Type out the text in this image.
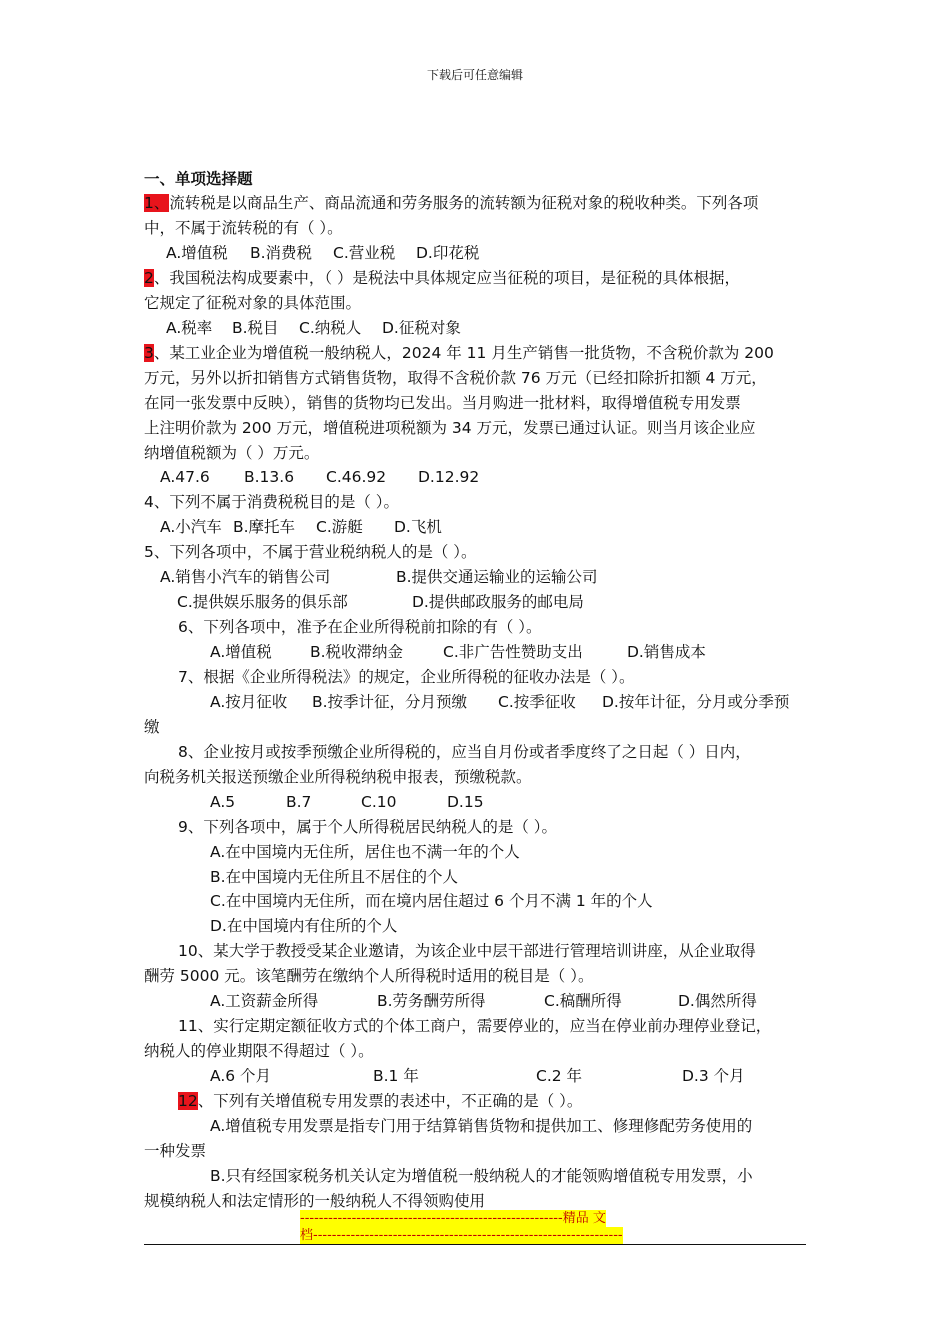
下载后可任意编辑
一、单项选择题
1、流转税是以商品生产、商品流通和劳务服务的流转额为征税对象的税收种类。下列各项
中，不属于流转税的有（ ）。
2、我国税法构成要素中，（ ）是税法中具体规定应当征税的项目，是征税的具体根据，
它规定了征税对象的具体范围。
3、某工业企业为增值税一般纳税人，2024 年 11 月生产销售一批货物，不含税价款为 200
万元，另外以折扣销售方式销售货物，取得不含税价款 76 万元（已经扣除折扣额 4 万元，
在同一张发票中反映），销售的货物均已发出。当月购进一批材料，取得增值税专用发票
上注明价款为 200 万元，增值税进项税额为 34 万元，发票已通过认证。则当月该企业应
纳增值税额为（ ）万元。
4、下列不属于消费税税目的是（ ）。
5、下列各项中，不属于营业税纳税人的是（ ）。
6、下列各项中，准予在企业所得税前扣除的有（ ）。
7、根据《企业所得税法》的规定，企业所得税的征收办法是（ ）。
缴
8、企业按月或按季预缴企业所得税的，应当自月份或者季度终了之日起（ ）日内，
向税务机关报送预缴企业所得税纳税申报表，预缴税款。
9、下列各项中，属于个人所得税居民纳税人的是（ ）。
A.在中国境内无住所，居住也不满一年的个人
B.在中国境内无住所且不居住的个人
C.在中国境内无住所，而在境内居住超过 6 个月不满 1 年的个人
D.在中国境内有住所的个人
10、某大学于教授受某企业邀请，为该企业中层干部进行管理培训讲座，从企业取得
酬劳 5000 元。该笔酬劳在缴纳个人所得税时适用的税目是（ ）。
11、实行定期定额征收方式的个体工商户，需要停业的，应当在停业前办理停业登记，
纳税人的停业期限不得超过（ ）。
12、下列有关增值税专用发票的表述中，不正确的是（ ）。
A.增值税专用发票是指专门用于结算销售货物和提供加工、修理修配劳务使用的
一种发票
B.只有经国家税务机关认定为增值税一般纳税人的才能领购增值税专用发票，小
规模纳税人和法定情形的一般纳税人不得领购使用
A.增值税 B.消费税 C.营业税 D.印花税
A.税率 B.税目 C.纳税人 D.征税对象
A.47.6 B.13.6 C.46.92 D.12.92
A.小汽车 B.摩托车 C.游艇 D.飞机
A.销售小汽车的销售公司	B.提供交通运输业的运输公司
C.提供娱乐服务的俱乐部	D.提供邮政服务的邮电局
A.增值税 B.税收滞纳金	C.非广告性赞助支出	D.销售成本
A.按月征收 B.按季计征，分月预缴 C.按季征收 D.按年计征，分月或分季预
A.5	B.7	C.10	D.15
A.工资薪金所得	B.劳务酬劳所得	C.稿酬所得	D.偶然所得
A.6 个月	B.1 年	C.2 年	D.3 个月
--------------------------------------------------------精品 文
档------------------------------------------------------------------
